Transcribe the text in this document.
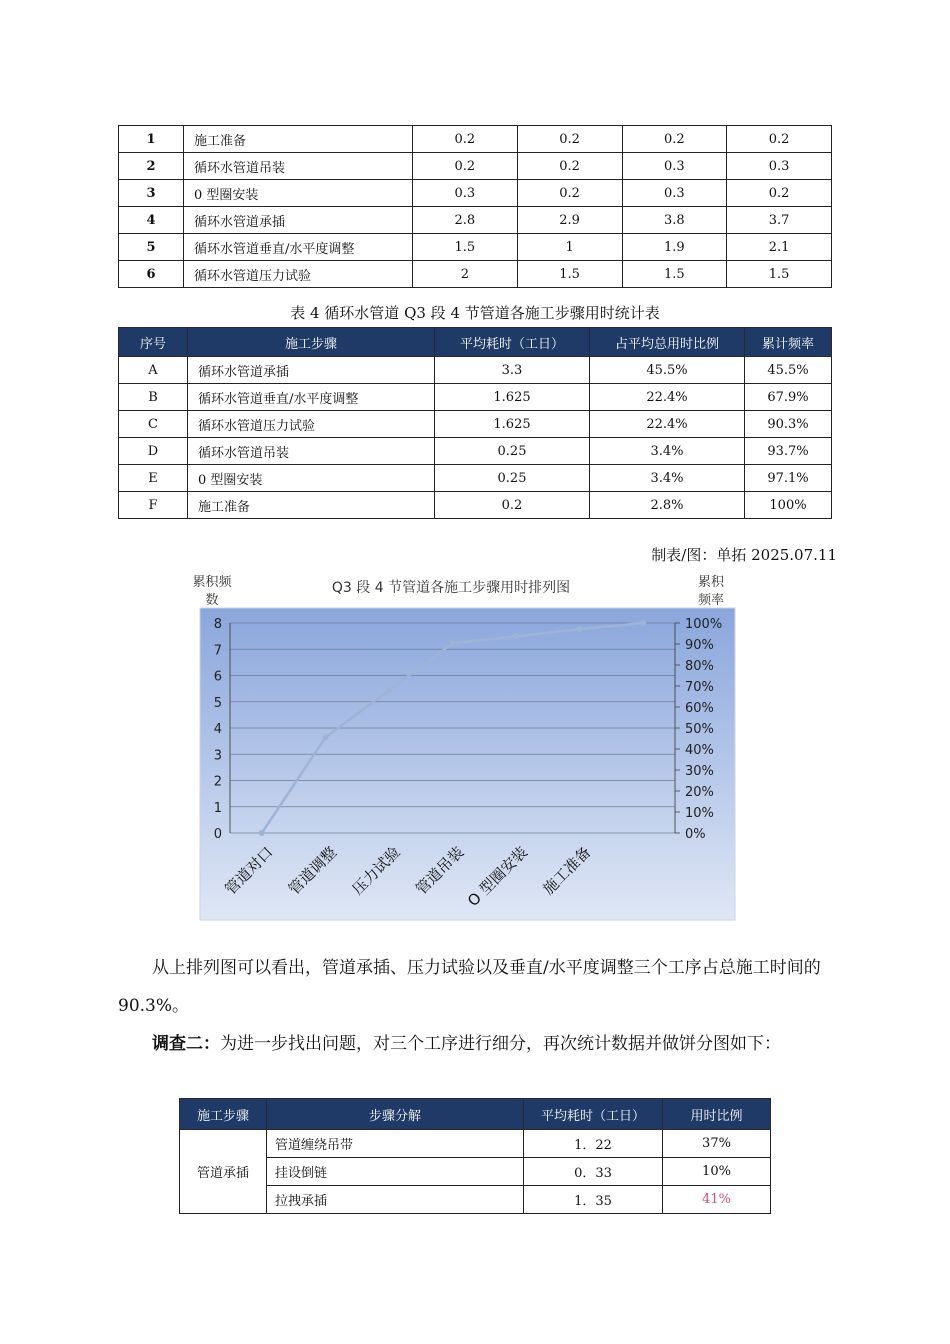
1	施工准备	0.2	0.2	0.2	0.2
2	循环水管道吊装	0.2	0.2	0.3	0.3
3	0 型圈安装	0.3	0.2	0.3	0.2
4	循环水管道承插	2.8	2.9	3.8	3.7
5	循环水管道垂直/水平度调整	1.5	1	1.9	2.1
6	循环水管道压力试验	2	1.5	1.5	1.5
表 4 循环水管道 Q3 段 4 节管道各施工步骤用时统计表
序号	施工步骤	平均耗时（工日）	占平均总用时比例	累计频率
A	循环水管道承插	3.3	45.5%	45.5%
B	循环水管道垂直/水平度调整	1.625	22.4%	67.9%
C	循环水管道压力试验	1.625	22.4%	90.3%
D	循环水管道吊装	0.25	3.4%	93.7%
E	0 型圈安装	0.25	3.4%	97.1%
F	施工准备	0.2	2.8%	100%
制表/图：单拓 2025.07.11
0
1
2
3
4
5
6
7
8
0%
10%
20%
30%
40%
50%
60%
70%
80%
90%
100%
管道对口 管道调整 压力试验 管道吊装
O 型圈安装 施工准备
Q3 段 4 节管道各施工步骤用时排列图
累积频
数
累积
频率
从上排列图可以看出，管道承插、压力试验以及垂直/水平度调整三个工序占总施工时间的 90.3%。
调查二：为进一步找出问题，对三个工序进行细分，再次统计数据并做饼分图如下：
施工步骤	步骤分解	平均耗时（工日）	用时比例
管道承插	管道缠绕吊带	1．22	37%
	挂设倒链	0．33	10%
	拉拽承插	1．35	41%
